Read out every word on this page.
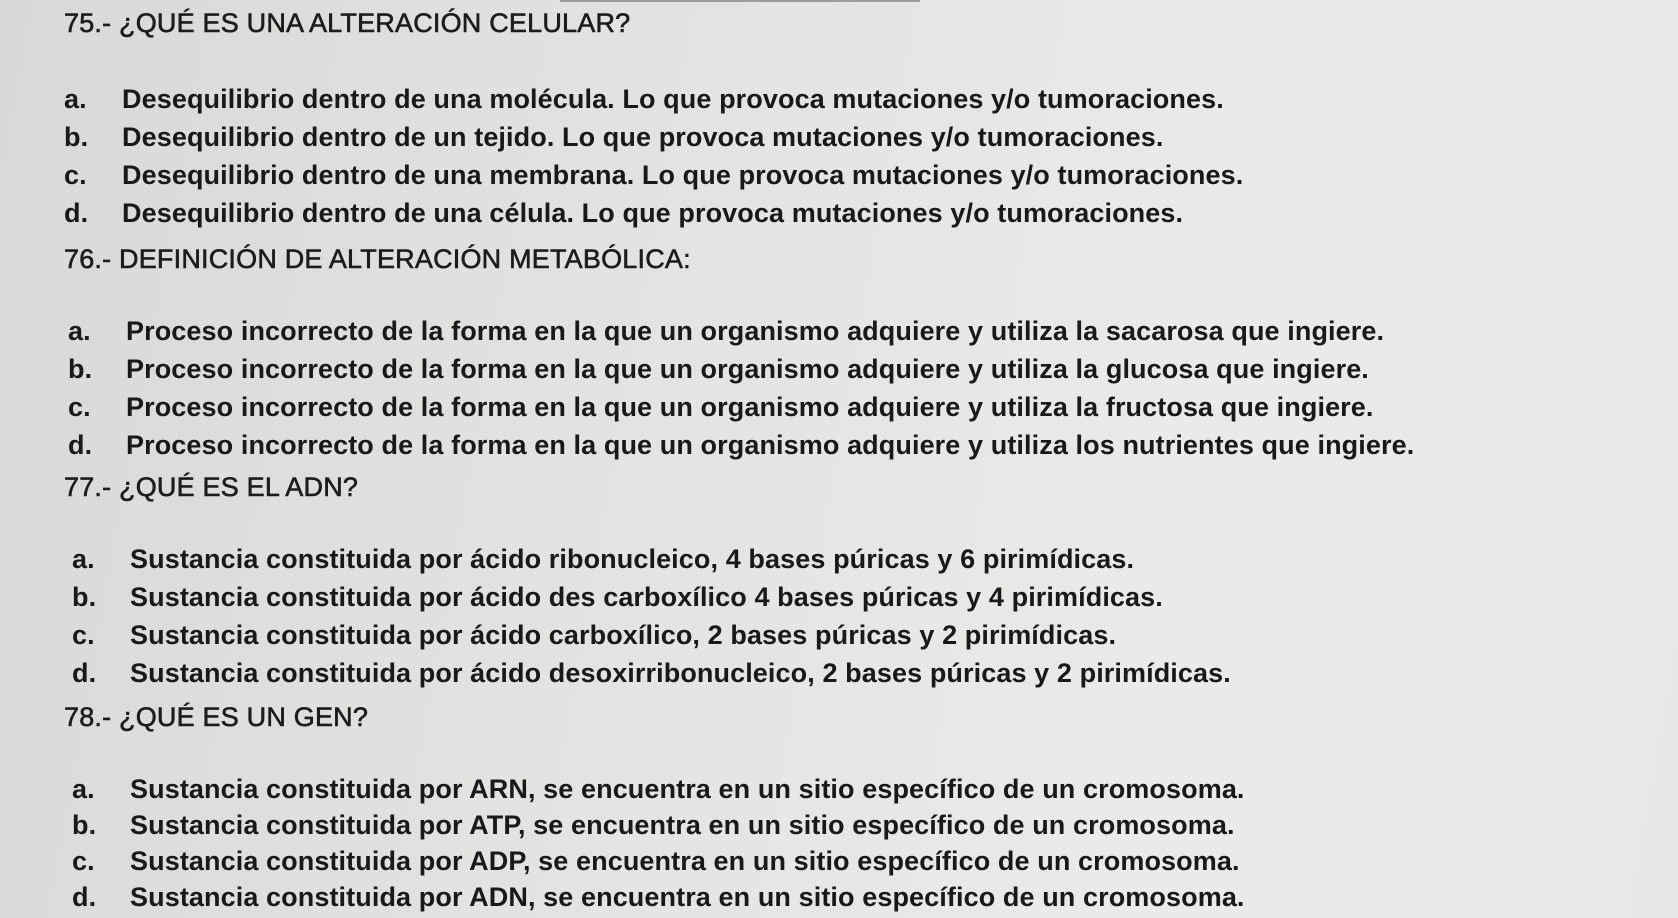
75.- ¿QUÉ ES UNA ALTERACIÓN CELULAR?
a. Desequilibrio dentro de una molécula. Lo que provoca mutaciones y/o tumoraciones.
b. Desequilibrio dentro de un tejido. Lo que provoca mutaciones y/o tumoraciones.
c. Desequilibrio dentro de una membrana. Lo que provoca mutaciones y/o tumoraciones.
d. Desequilibrio dentro de una célula. Lo que provoca mutaciones y/o tumoraciones.
76.- DEFINICIÓN DE ALTERACIÓN METABÓLICA:
a. Proceso incorrecto de la forma en la que un organismo adquiere y utiliza la sacarosa que ingiere.
b. Proceso incorrecto de la forma en la que un organismo adquiere y utiliza la glucosa que ingiere.
c. Proceso incorrecto de la forma en la que un organismo adquiere y utiliza la fructosa que ingiere.
d. Proceso incorrecto de la forma en la que un organismo adquiere y utiliza los nutrientes que ingiere.
77.- ¿QUÉ ES EL ADN?
a. Sustancia constituida por ácido ribonucleico, 4 bases púricas y 6 pirimídicas.
b. Sustancia constituida por ácido des carboxílico 4 bases púricas y 4 pirimídicas.
c. Sustancia constituida por ácido carboxílico, 2 bases púricas y 2 pirimídicas.
d. Sustancia constituida por ácido desoxirribonucleico, 2 bases púricas y 2 pirimídicas.
78.- ¿QUÉ ES UN GEN?
a. Sustancia constituida por ARN, se encuentra en un sitio específico de un cromosoma.
b. Sustancia constituida por ATP, se encuentra en un sitio específico de un cromosoma.
c. Sustancia constituida por ADP, se encuentra en un sitio específico de un cromosoma.
d. Sustancia constituida por ADN, se encuentra en un sitio específico de un cromosoma.
